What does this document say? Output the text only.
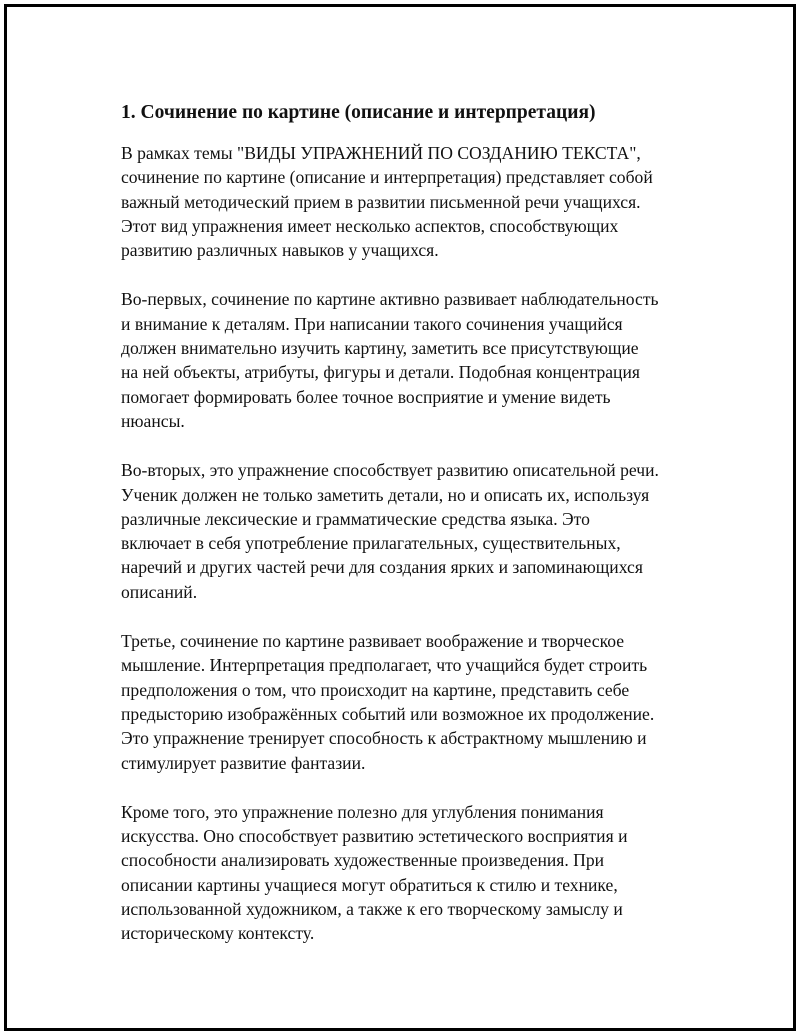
1. Сочинение по картине (описание и интерпретация)

В рамках темы "ВИДЫ УПРАЖНЕНИЙ ПО СОЗДАНИЮ ТЕКСТА",
сочинение по картине (описание и интерпретация) представляет собой
важный методический прием в развитии письменной речи учащихся.
Этот вид упражнения имеет несколько аспектов, способствующих
развитию различных навыков у учащихся.

Во-первых, сочинение по картине активно развивает наблюдательность
и внимание к деталям. При написании такого сочинения учащийся
должен внимательно изучить картину, заметить все присутствующие
на ней объекты, атрибуты, фигуры и детали. Подобная концентрация
помогает формировать более точное восприятие и умение видеть
нюансы.

Во-вторых, это упражнение способствует развитию описательной речи.
Ученик должен не только заметить детали, но и описать их, используя
различные лексические и грамматические средства языка. Это
включает в себя употребление прилагательных, существительных,
наречий и других частей речи для создания ярких и запоминающихся
описаний.

Третье, сочинение по картине развивает воображение и творческое
мышление. Интерпретация предполагает, что учащийся будет строить
предположения о том, что происходит на картине, представить себе
предысторию изображённых событий или возможное их продолжение.
Это упражнение тренирует способность к абстрактному мышлению и
стимулирует развитие фантазии.

Кроме того, это упражнение полезно для углубления понимания
искусства. Оно способствует развитию эстетического восприятия и
способности анализировать художественные произведения. При
описании картины учащиеся могут обратиться к стилю и технике,
использованной художником, а также к его творческому замыслу и
историческому контексту.
